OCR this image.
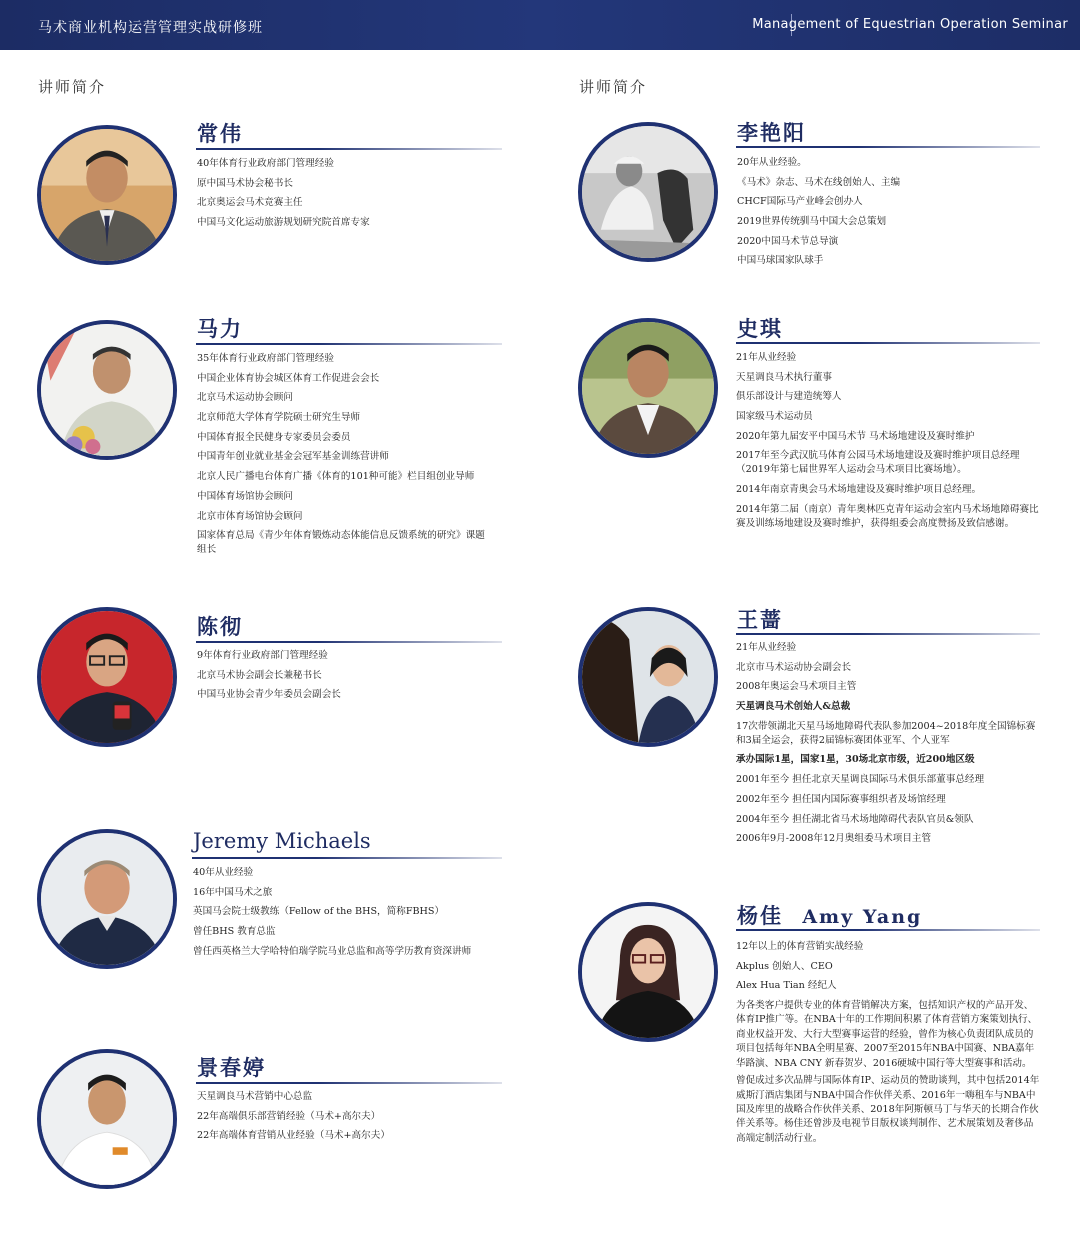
马术商业机构运营管理实战研修班	Management of Equestrian Operation Seminar
讲师简介	讲师简介
常伟
40年体育行业政府部门管理经验
原中国马术协会秘书长
北京奥运会马术竞赛主任
中国马文化运动旅游规划研究院首席专家
马力
35年体育行业政府部门管理经验
中国企业体育协会城区体育工作促进会会长
北京马术运动协会顾问
北京师范大学体育学院硕士研究生导师
中国体育报全民健身专家委员会委员
中国青年创业就业基金会冠军基金训练营讲师
北京人民广播电台体育广播《体育的101种可能》栏目组创业导师
中国体育场馆协会顾问
北京市体育场馆协会顾问
国家体育总局《青少年体育锻炼动态体能信息反馈系统的研究》课题组长
陈彻
9年体育行业政府部门管理经验
北京马术协会副会长兼秘书长
中国马业协会青少年委员会副会长
Jeremy Michaels
40年从业经验
16年中国马术之旅
英国马会院士级教练（Fellow of the BHS，简称FBHS）
曾任BHS 教育总监
曾任西英格兰大学哈特伯瑞学院马业总监和高等学历教育资深讲师
景春婷
天星调良马术营销中心总监
22年高端俱乐部营销经验（马术+高尔夫）
22年高端体育营销从业经验（马术+高尔夫）
李艳阳
20年从业经验。
《马术》杂志、马术在线创始人、主编
CHCF国际马产业峰会创办人
2019世界传统驯马中国大会总策划
2020中国马术节总导演
中国马球国家队球手
史琪
21年从业经验
天星调良马术执行董事
俱乐部设计与建造统筹人
国家级马术运动员
2020年第九届安平中国马术节 马术场地建设及赛时维护
2017年至今武汉肮马体育公园马术场地建设及赛时维护项目总经理（2019年第七届世界军人运动会马术项目比赛场地）。
2014年南京青奥会马术场地建设及赛时维护项目总经理。
2014年第二届（南京）青年奥林匹克青年运动会室内马术场地障碍赛比赛及训练场地建设及赛时维护，获得组委会高度赞扬及致信感谢。
王蔷
21年从业经验
北京市马术运动协会副会长
2008年奥运会马术项目主管
天星调良马术创始人&总裁
17次带领湖北天星马场地障碍代表队参加2004~2018年度全国锦标赛和3届全运会，获得2届锦标赛团体亚军、个人亚军
承办国际1星，国家1星，30场北京市级，近200地区级
2001年至今 担任北京天星调良国际马术俱乐部董事总经理
2002年至今 担任国内国际赛事组织者及场馆经理
2004年至今 担任湖北省马术场地障碍代表队官员&领队
2006年9月-2008年12月奥组委马术项目主管
杨佳 Amy Yang
12年以上的体育营销实战经验
Akplus 创始人、CEO
Alex Hua Tian 经纪人
为各类客户提供专业的体育营销解决方案，包括知识产权的产品开发、体育IP推广等。在NBA十年的工作期间积累了体育营销方案策划执行、商业权益开发、大行大型赛事运营的经验，曾作为核心负责团队成员的项目包括每年NBA全明星赛、2007至2015年NBA中国赛、NBA嘉年华路演、NBA CNY 新春贺岁、2016硬城中国行等大型赛事和活动。
曾促成过多次品牌与国际体育IP、运动员的赞助谈判，其中包括2014年威斯汀酒店集团与NBA中国合作伙伴关系、2016年一嗨租车与NBA中国及库里的战略合作伙伴关系、2018年阿斯顿马丁与华天的长期合作伙伴关系等。杨佳还曾涉及电视节目版权谈判制作、艺术展策划及奢侈品高端定制活动行业。
